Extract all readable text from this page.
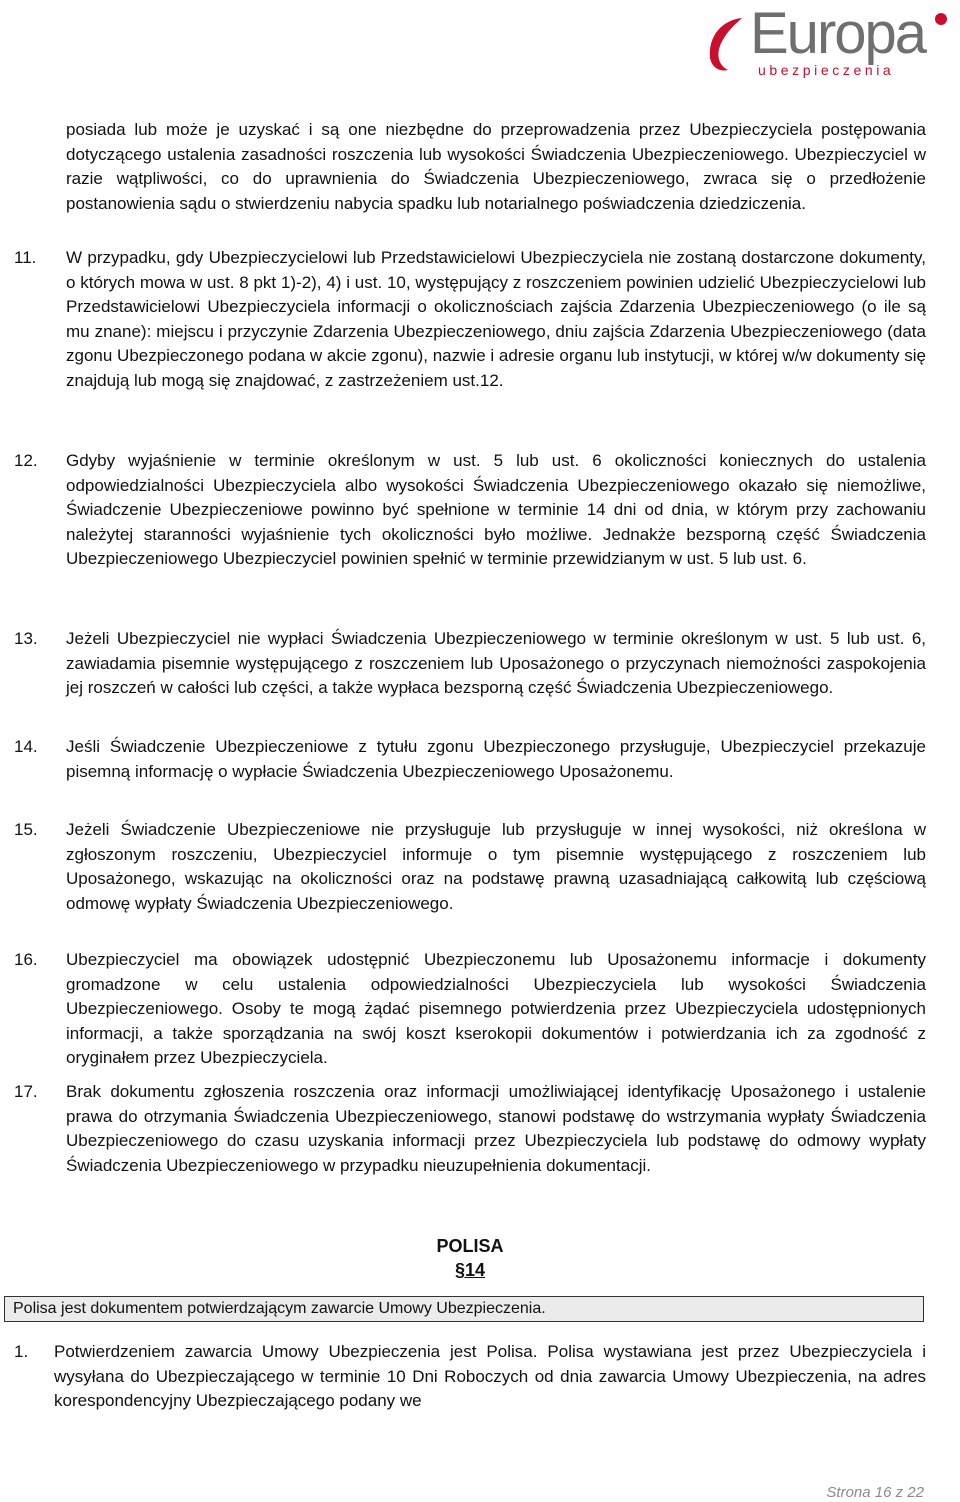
Europa
ubezpieczenia
posiada lub może je uzyskać i są one niezbędne do przeprowadzenia przez Ubezpieczyciela postępowania dotyczącego ustalenia zasadności roszczenia lub wysokości Świadczenia Ubezpieczeniowego. Ubezpieczyciel w razie wątpliwości, co do uprawnienia do Świadczenia Ubezpieczeniowego, zwraca się o przedłożenie postanowienia sądu o stwierdzeniu nabycia spadku lub notarialnego poświadczenia dziedziczenia.
11. W przypadku, gdy Ubezpieczycielowi lub Przedstawicielowi Ubezpieczyciela nie zostaną dostarczone dokumenty, o których mowa w ust. 8 pkt 1)-2), 4) i ust. 10, występujący z roszczeniem powinien udzielić Ubezpieczycielowi lub Przedstawicielowi Ubezpieczyciela informacji o okolicznościach zajścia Zdarzenia Ubezpieczeniowego (o ile są mu znane): miejscu i przyczynie Zdarzenia Ubezpieczeniowego, dniu zajścia Zdarzenia Ubezpieczeniowego (data zgonu Ubezpieczonego podana w akcie zgonu), nazwie i adresie organu lub instytucji, w której w/w dokumenty się znajdują lub mogą się znajdować, z zastrzeżeniem ust.12.
12. Gdyby wyjaśnienie w terminie określonym w ust. 5 lub ust. 6 okoliczności koniecznych do ustalenia odpowiedzialności Ubezpieczyciela albo wysokości Świadczenia Ubezpieczeniowego okazało się niemożliwe, Świadczenie Ubezpieczeniowe powinno być spełnione w terminie 14 dni od dnia, w którym przy zachowaniu należytej staranności wyjaśnienie tych okoliczności było możliwe. Jednakże bezsporną część Świadczenia Ubezpieczeniowego Ubezpieczyciel powinien spełnić w terminie przewidzianym w ust. 5 lub ust. 6.
13. Jeżeli Ubezpieczyciel nie wypłaci Świadczenia Ubezpieczeniowego w terminie określonym w ust. 5 lub ust. 6, zawiadamia pisemnie występującego z roszczeniem lub Uposażonego o przyczynach niemożności zaspokojenia jej roszczeń w całości lub części, a także wypłaca bezsporną część Świadczenia Ubezpieczeniowego.
14. Jeśli Świadczenie Ubezpieczeniowe z tytułu zgonu Ubezpieczonego przysługuje, Ubezpieczyciel przekazuje pisemną informację o wypłacie Świadczenia Ubezpieczeniowego Uposażonemu.
15. Jeżeli Świadczenie Ubezpieczeniowe nie przysługuje lub przysługuje w innej wysokości, niż określona w zgłoszonym roszczeniu, Ubezpieczyciel informuje o tym pisemnie występującego z roszczeniem lub Uposażonego, wskazując na okoliczności oraz na podstawę prawną uzasadniającą całkowitą lub częściową odmowę wypłaty Świadczenia Ubezpieczeniowego.
16. Ubezpieczyciel ma obowiązek udostępnić Ubezpieczonemu lub Uposażonemu informacje i dokumenty gromadzone w celu ustalenia odpowiedzialności Ubezpieczyciela lub wysokości Świadczenia Ubezpieczeniowego. Osoby te mogą żądać pisemnego potwierdzenia przez Ubezpieczyciela udostępnionych informacji, a także sporządzania na swój koszt kserokopii dokumentów i potwierdzania ich za zgodność z oryginałem przez Ubezpieczyciela.
17. Brak dokumentu zgłoszenia roszczenia oraz informacji umożliwiającej identyfikację Uposażonego i ustalenie prawa do otrzymania Świadczenia Ubezpieczeniowego, stanowi podstawę do wstrzymania wypłaty Świadczenia Ubezpieczeniowego do czasu uzyskania informacji przez Ubezpieczyciela lub podstawę do odmowy wypłaty Świadczenia Ubezpieczeniowego w przypadku nieuzupełnienia dokumentacji.
POLISA
§14
Polisa jest dokumentem potwierdzającym zawarcie Umowy Ubezpieczenia.
1. Potwierdzeniem zawarcia Umowy Ubezpieczenia jest Polisa. Polisa wystawiana jest przez Ubezpieczyciela i wysyłana do Ubezpieczającego w terminie 10 Dni Roboczych od dnia zawarcia Umowy Ubezpieczenia, na adres korespondencyjny Ubezpieczającego podany we
Strona 16 z 22
